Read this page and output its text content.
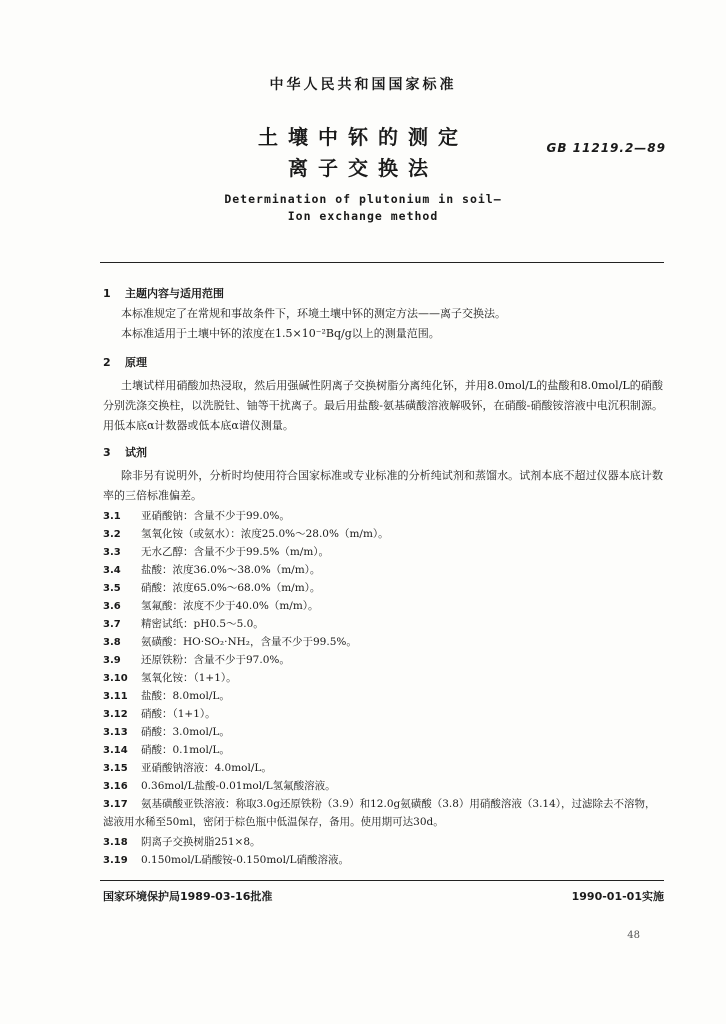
中华人民共和国国家标准
土壤中钚的测定
离子交换法
GB 11219.2—89
Determination of plutonium in soil—
Ion exchange method
1 主题内容与适用范围
本标准规定了在常规和事故条件下，环境土壤中钚的测定方法——离子交换法。
本标准适用于土壤中钚的浓度在1.5×10⁻²Bq/g以上的测量范围。
2 原理
土壤试样用硝酸加热浸取，然后用强碱性阴离子交换树脂分离纯化钚，并用8.0mol/L的盐酸和8.0mol/L的硝酸分别洗涤交换柱，以洗脱钍、铀等干扰离子。最后用盐酸-氨基磺酸溶液解吸钚，在硝酸-硝酸铵溶液中电沉积制源。用低本底α计数器或低本底α谱仪测量。
3 试剂
除非另有说明外，分析时均使用符合国家标准或专业标准的分析纯试剂和蒸馏水。试剂本底不超过仪器本底计数率的三倍标准偏差。
3.1 亚硝酸钠：含量不少于99.0%。
3.2 氢氧化铵（或氨水）：浓度25.0%～28.0%（m/m）。
3.3 无水乙醇：含量不少于99.5%（m/m）。
3.4 盐酸：浓度36.0%～38.0%（m/m）。
3.5 硝酸：浓度65.0%～68.0%（m/m）。
3.6 氢氟酸：浓度不少于40.0%（m/m）。
3.7 精密试纸：pH0.5～5.0。
3.8 氨磺酸：HO·SO₂·NH₂，含量不少于99.5%。
3.9 还原铁粉：含量不少于97.0%。
3.10 氢氧化铵：（1+1）。
3.11 盐酸：8.0mol/L。
3.12 硝酸：（1+1）。
3.13 硝酸：3.0mol/L。
3.14 硝酸：0.1mol/L。
3.15 亚硝酸钠溶液：4.0mol/L。
3.16 0.36mol/L盐酸-0.01mol/L氢氟酸溶液。
3.17 氨基磺酸亚铁溶液：称取3.0g还原铁粉（3.9）和12.0g氨磺酸（3.8）用硝酸溶液（3.14），过滤除去不溶物，滤液用水稀至50ml，密闭于棕色瓶中低温保存，备用。使用期可达30d。
3.18 阴离子交换树脂251×8。
3.19 0.150mol/L硝酸铵-0.150mol/L硝酸溶液。
国家环境保护局1989-03-16批准	1990-01-01实施
48
